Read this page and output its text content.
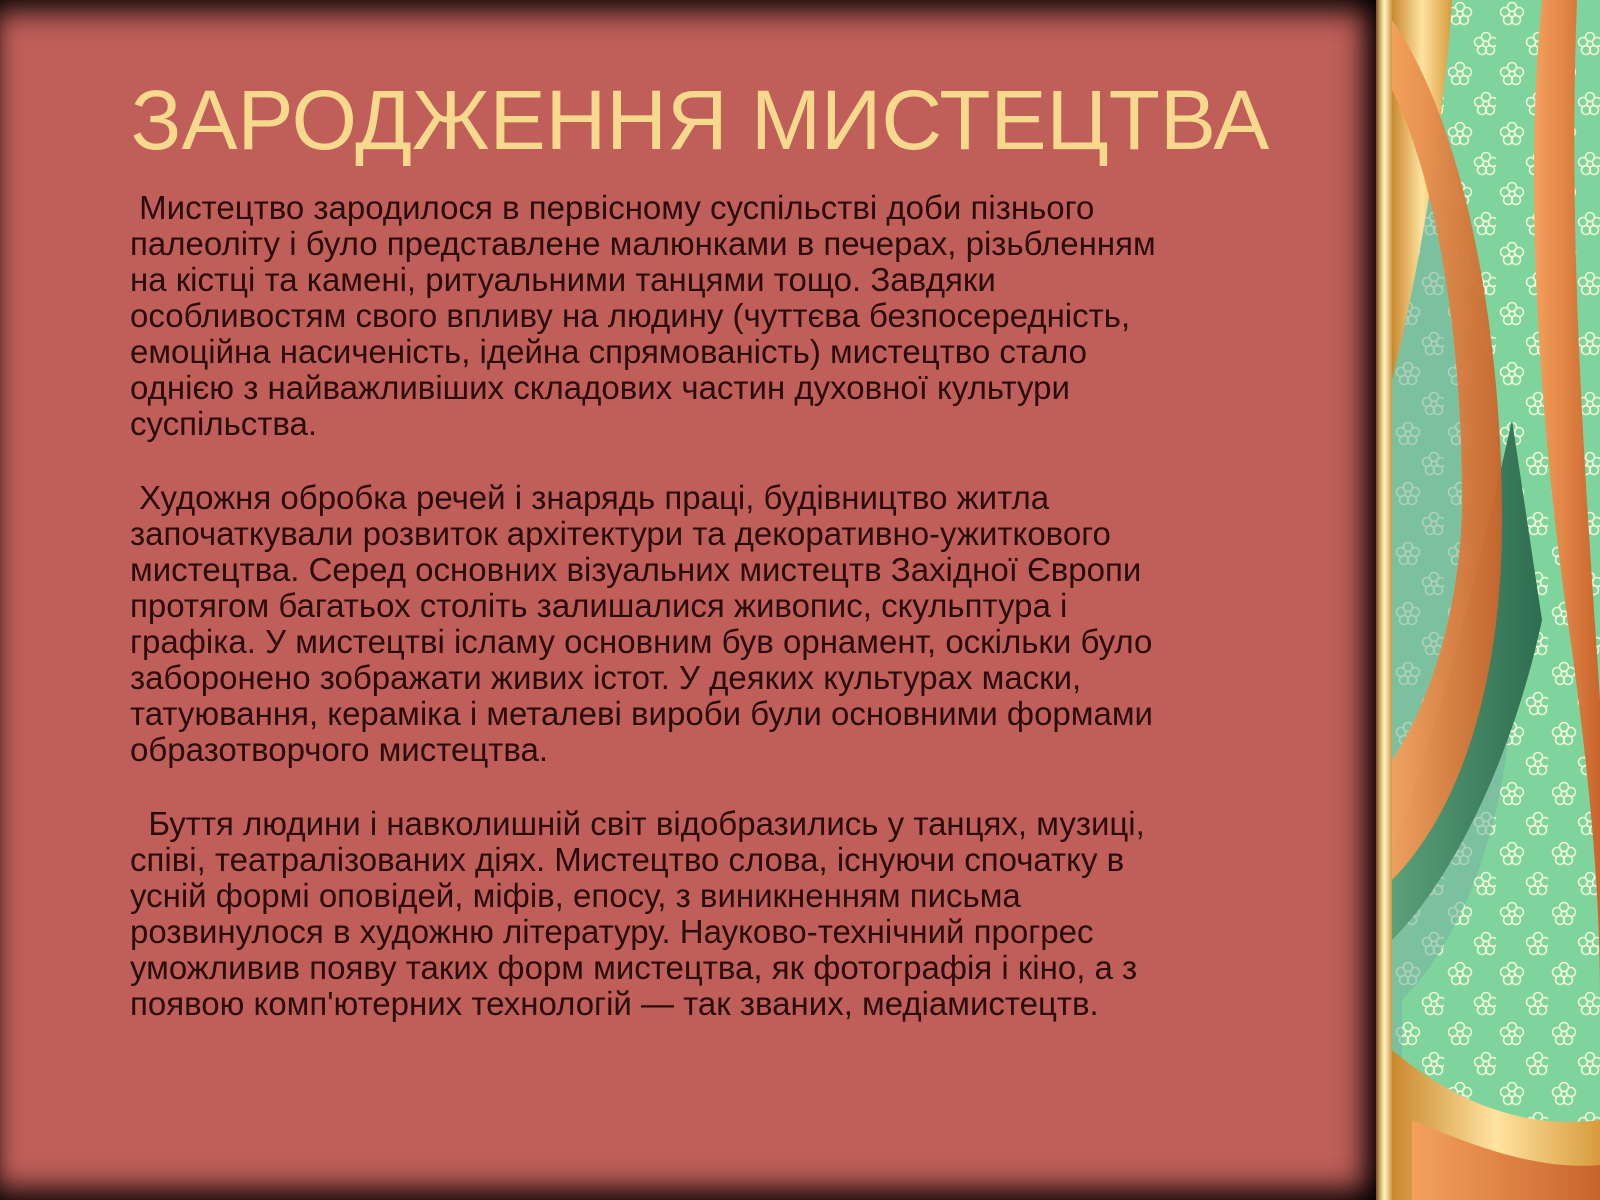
ЗАРОДЖЕННЯ МИСТЕЦТВА

Мистецтво зародилося в первісному суспільстві доби пізнього
палеоліту і було представлене малюнками в печерах, різьбленням
на кістці та камені, ритуальними танцями тощо. Завдяки
особливостям свого впливу на людину (чуттєва безпосередність,
емоційна насиченість, ідейна спрямованість) мистецтво стало
однією з найважливіших складових частин духовної культури
суспільства.

Художня обробка речей і знарядь праці, будівництво житла
започаткували розвиток архітектури та декоративно-ужиткового
мистецтва. Серед основних візуальних мистецтв Західної Європи
протягом багатьох століть залишалися живопис, скульптура і
графіка. У мистецтві ісламу основним був орнамент, оскільки було
заборонено зображати живих істот. У деяких культурах маски,
татуювання, кераміка і металеві вироби були основними формами
образотворчого мистецтва.

Буття людини і навколишній світ відобразились у танцях, музиці,
співі, театралізованих діях. Мистецтво слова, існуючи спочатку в
усній формі оповідей, міфів, епосу, з виникненням письма
розвинулося в художню літературу. Науково-технічний прогрес
уможливив появу таких форм мистецтва, як фотографія і кіно, а з
появою комп'ютерних технологій — так званих, медіамистецтв.
